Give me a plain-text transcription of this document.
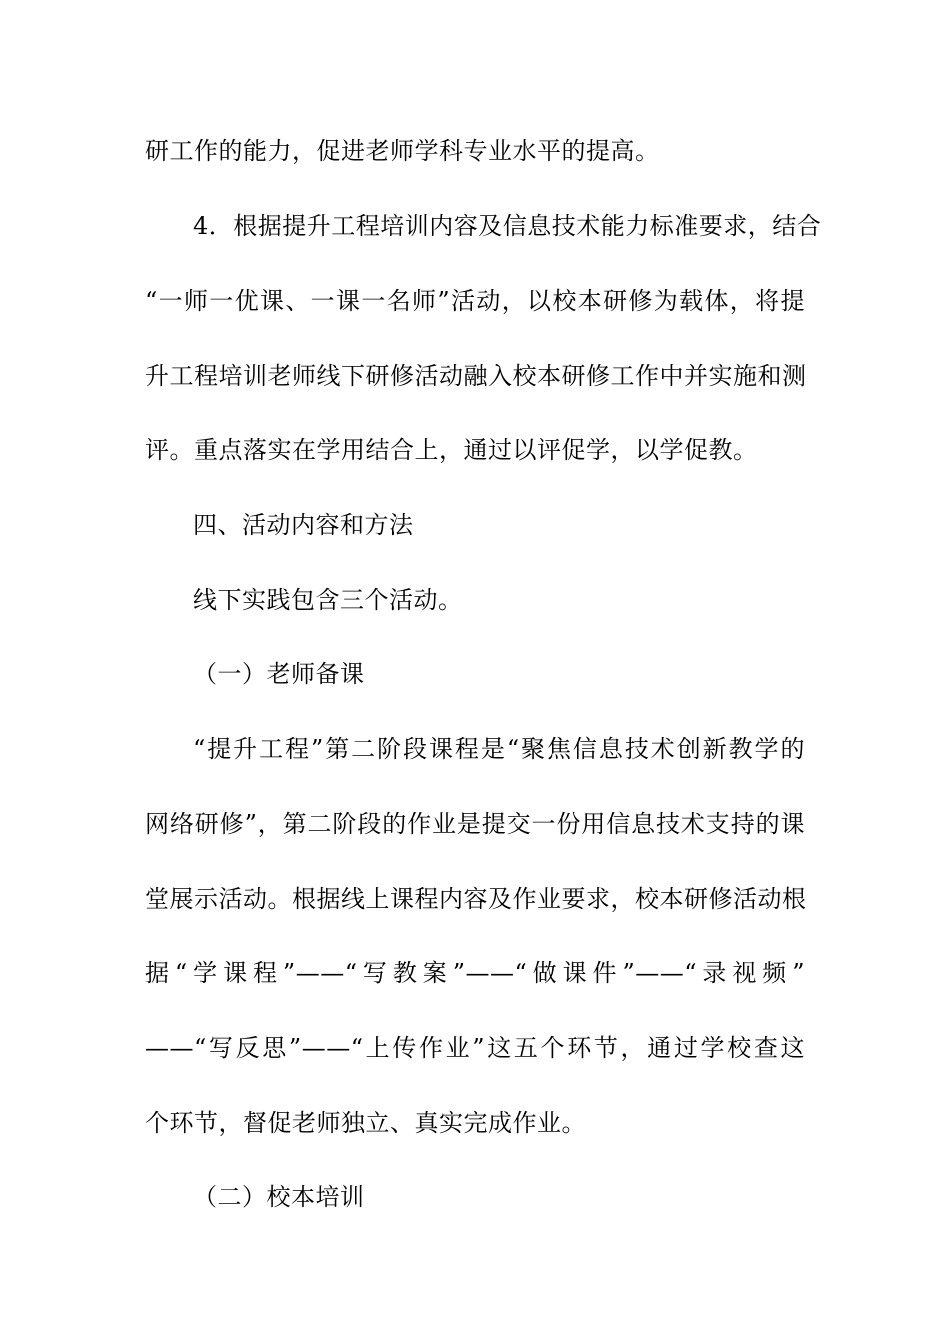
研工作的能力，促进老师学科专业水平的提高。
4．根据提升工程培训内容及信息技术能力标准要求，结合
“一师一优课、一课一名师”活动，以校本研修为载体，将提
升工程培训老师线下研修活动融入校本研修工作中并实施和测
评。重点落实在学用结合上，通过以评促学，以学促教。
四、活动内容和方法
线下实践包含三个活动。
（一）老师备课
“提升工程”第二阶段课程是“聚焦信息技术创新教学的
网络研修”，第二阶段的作业是提交一份用信息技术支持的课
堂展示活动。根据线上课程内容及作业要求，校本研修活动根
据“学课程”——“写教案”——“做课件”——“录视频”
——“写反思”——“上传作业”这五个环节，通过学校查这
个环节，督促老师独立、真实完成作业。
（二）校本培训
